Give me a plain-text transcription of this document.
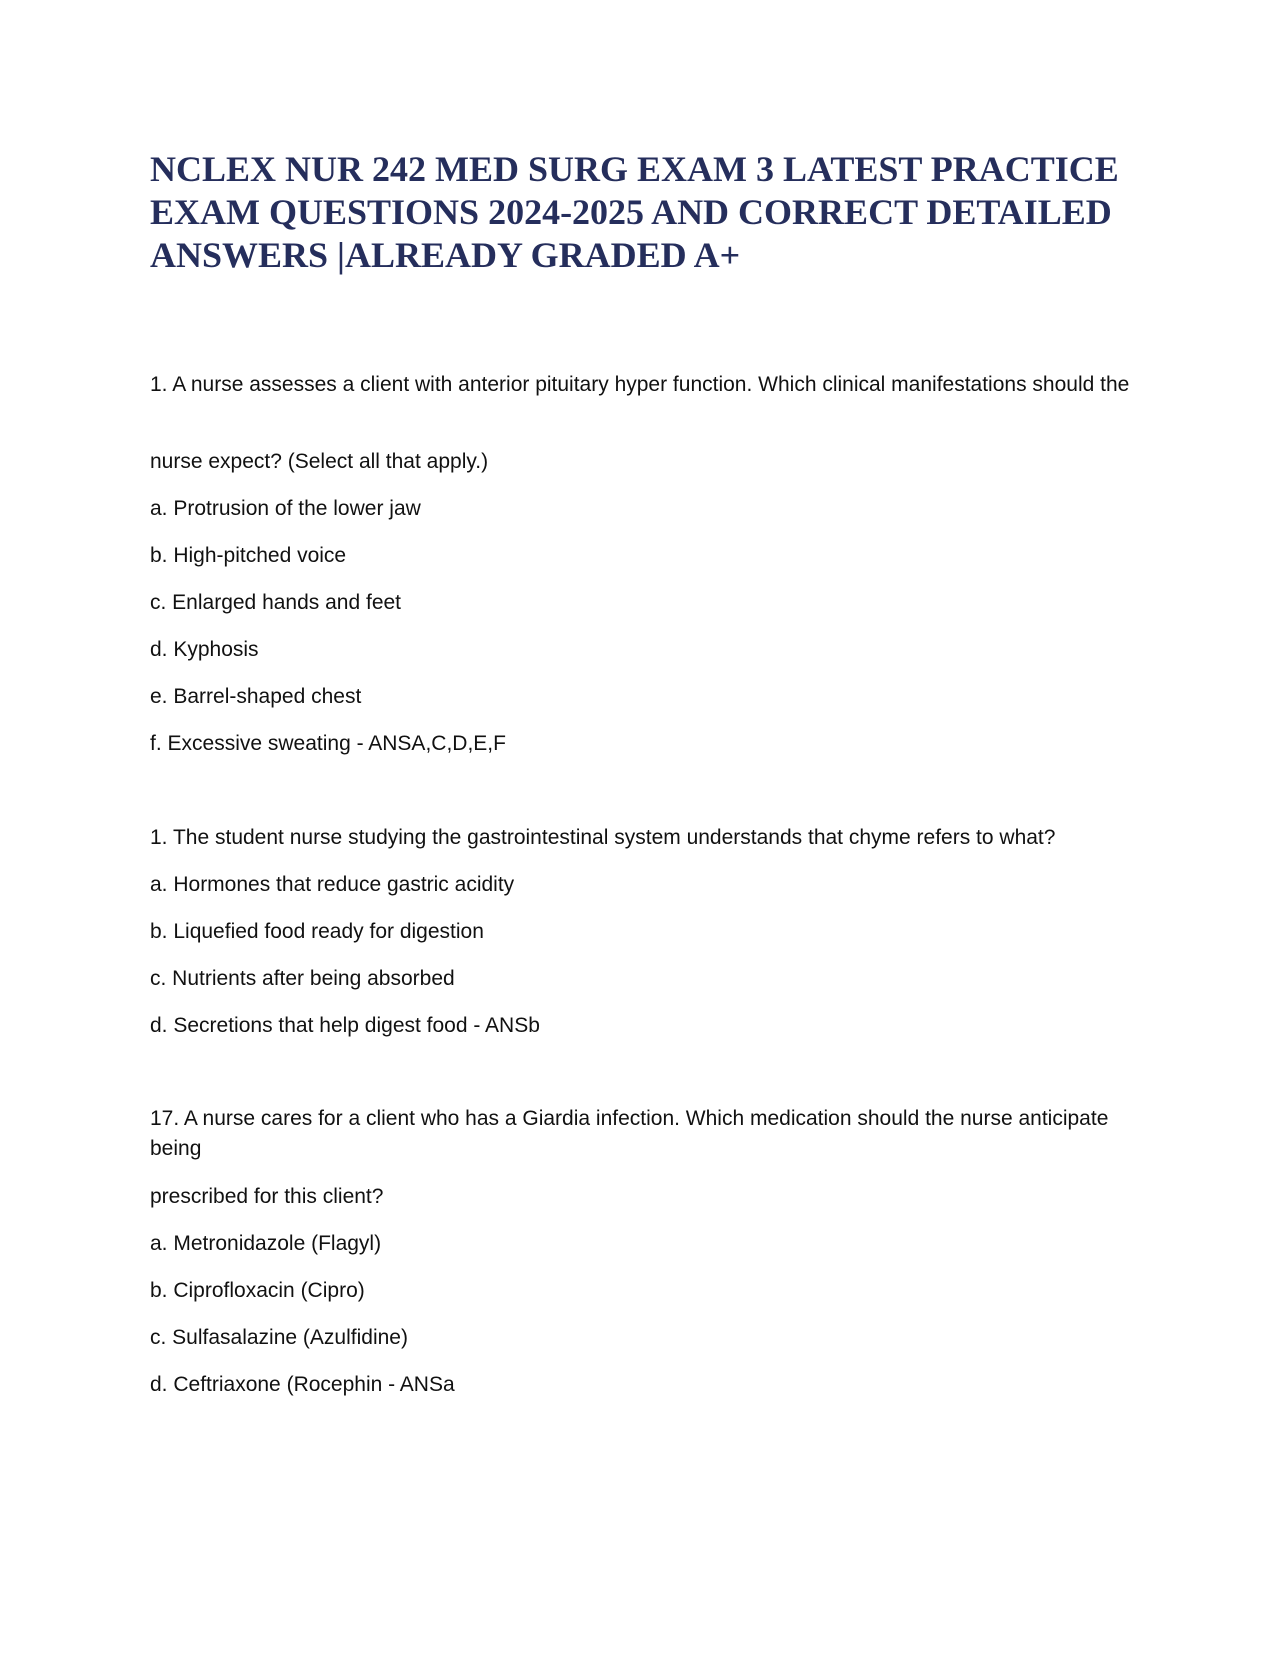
NCLEX NUR 242 MED SURG EXAM 3 LATEST PRACTICE EXAM QUESTIONS 2024-2025 AND CORRECT DETAILED ANSWERS |ALREADY GRADED A+

1. A nurse assesses a client with anterior pituitary hyper function. Which clinical manifestations should the

nurse expect? (Select all that apply.)

a. Protrusion of the lower jaw

b. High-pitched voice

c. Enlarged hands and feet

d. Kyphosis

e. Barrel-shaped chest

f. Excessive sweating - ANSA,C,D,E,F

1. The student nurse studying the gastrointestinal system understands that chyme refers to what?

a. Hormones that reduce gastric acidity

b. Liquefied food ready for digestion

c. Nutrients after being absorbed

d. Secretions that help digest food - ANSb

17. A nurse cares for a client who has a Giardia infection. Which medication should the nurse anticipate being

prescribed for this client?

a. Metronidazole (Flagyl)

b. Ciprofloxacin (Cipro)

c. Sulfasalazine (Azulfidine)

d. Ceftriaxone (Rocephin - ANSa
